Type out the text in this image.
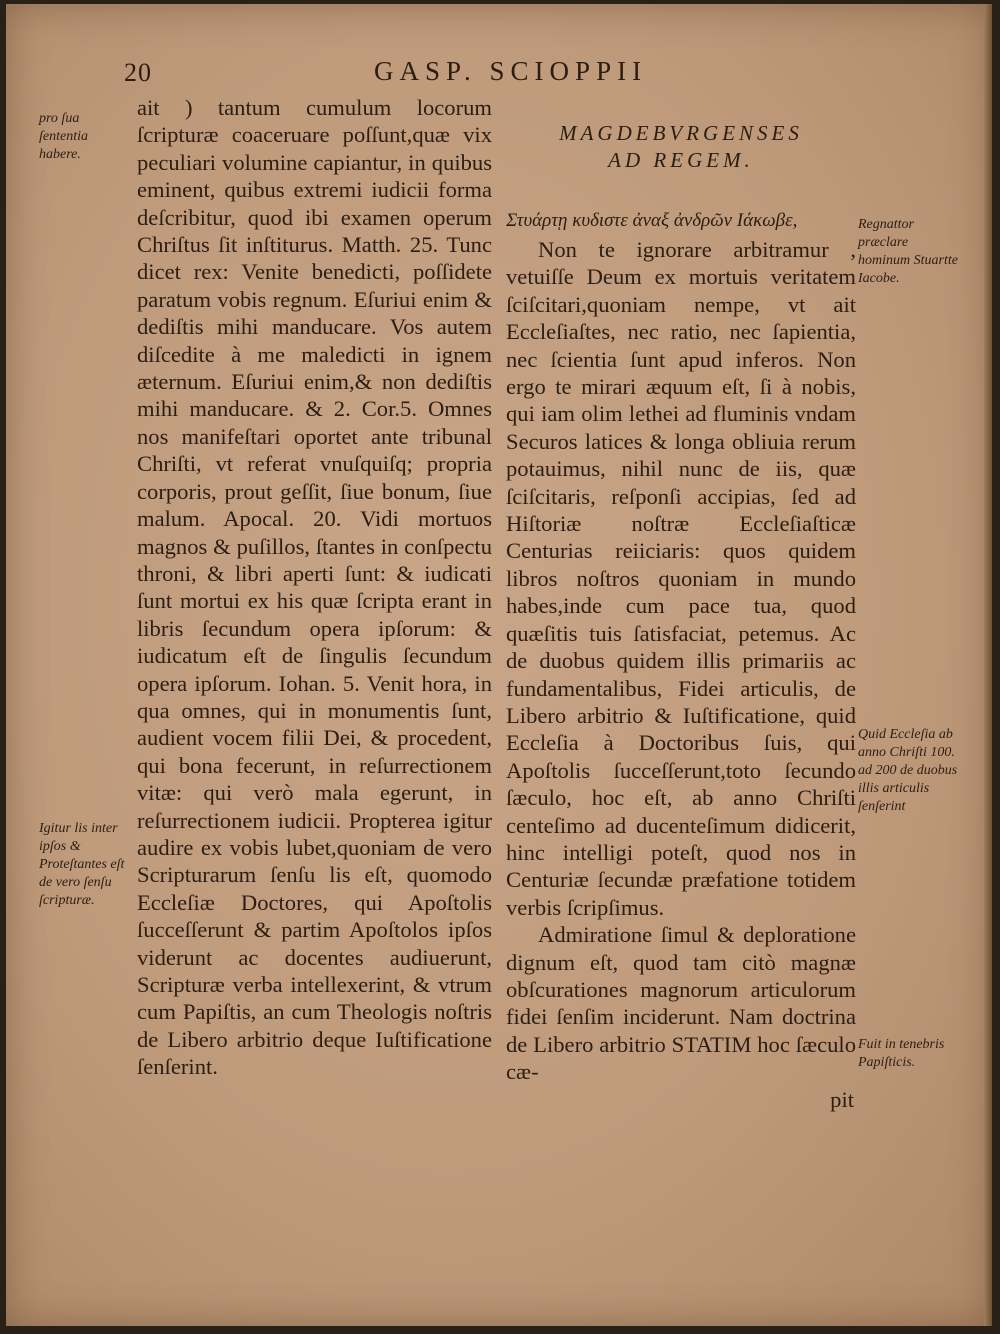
20	GASP. SCIOPPII
pro ſua ſententia habere.
Igitur lis inter ipſos & Proteſtantes eſt de vero ſenſu ſcripturæ.

ait ) tantum cumulum locorum ſcripturæ coaceruare poſſunt,quæ vix peculiari volumine capiantur, in quibus eminent, quibus extremi iudicii forma deſcribitur, quod ibi examen operum Chriſtus ſit inſtiturus. Matth. 25. Tunc dicet rex: Venite benedicti, poſſidete paratum vobis regnum. Eſuriui enim & dediſtis mihi manducare. Vos autem diſcedite à me maledicti in ignem æternum. Eſuriui enim,& non dediſtis mihi manducare. & 2. Cor.5. Omnes nos manifeſtari oportet ante tribunal Chriſti, vt referat vnuſquiſq; propria corporis, prout geſſit, ſiue bonum, ſiue malum. Apocal. 20. Vidi mortuos magnos & puſillos, ſtantes in conſpectu throni, & libri aperti ſunt: & iudicati ſunt mortui ex his quæ ſcripta erant in libris ſecundum opera ipſorum: & iudicatum eſt de ſingulis ſecundum opera ipſorum. Iohan. 5. Venit hora, in qua omnes, qui in monumentis ſunt, audient vocem filii Dei, & procedent, qui bona fecerunt, in reſurrectionem vitæ: qui verò mala egerunt, in reſurrectionem iudicii. Propterea igitur audire ex vobis lubet,quoniam de vero Scripturarum ſenſu lis eſt, quomodo Eccleſiæ Doctores, qui Apoſtolis ſucceſſerunt & partim Apoſtolos ipſos viderunt ac docentes audiuerunt, Scripturæ verba intellexerint, & vtrum cum Papiſtis, an cum Theologis noſtris de Libero arbitrio deque Iuſtificatione ſenſerint.

MAGDEBVRGENSES
AD REGEM.
Στυάρτῃ κυδιστε ἀναξ ἀνδρῶν Ιάκωβε,

Non te ignorare arbitramur , vetuiſſe Deum ex mortuis veritatem ſciſcitari,quoniam nempe, vt ait Eccleſiaſtes, nec ratio, nec ſapientia, nec ſcientia ſunt apud inferos. Non ergo te mirari æquum eſt, ſi à nobis, qui iam olim lethei ad fluminis vndam Securos latices & longa obliuia rerum potauimus, nihil nunc de iis, quæ ſciſcitaris, reſponſi accipias, ſed ad Hiſtoriæ noſtræ Eccleſiaſticæ Centurias reiiciaris: quos quidem libros noſtros quoniam in mundo habes,inde cum pace tua, quod quæſitis tuis ſatisfaciat, petemus. Ac de duobus quidem illis primariis ac fundamentalibus, Fidei articulis, de Libero arbitrio & Iuſtificatione, quid Eccleſia à Doctoribus ſuis, qui Apoſtolis ſucceſſerunt,toto ſecundo ſæculo, hoc eſt, ab anno Chriſti centeſimo ad ducenteſimum didicerit, hinc intelligi poteſt, quod nos in Centuriæ ſecundæ præfatione totidem verbis ſcripſimus.

Admiratione ſimul & deploratione dignum eſt, quod tam citò magnæ obſcurationes magnorum articulorum fidei ſenſim inciderunt. Nam doctrina de Libero arbitrio STATIM hoc ſæculo cæ-

pit

Regnattor præclare hominum Stuartte Iacobe.
Quid Eccleſia ab anno Chriſti 100. ad 200 de duobus illis articulis ſenſerint
Fuit in tenebris Papiſticis.
